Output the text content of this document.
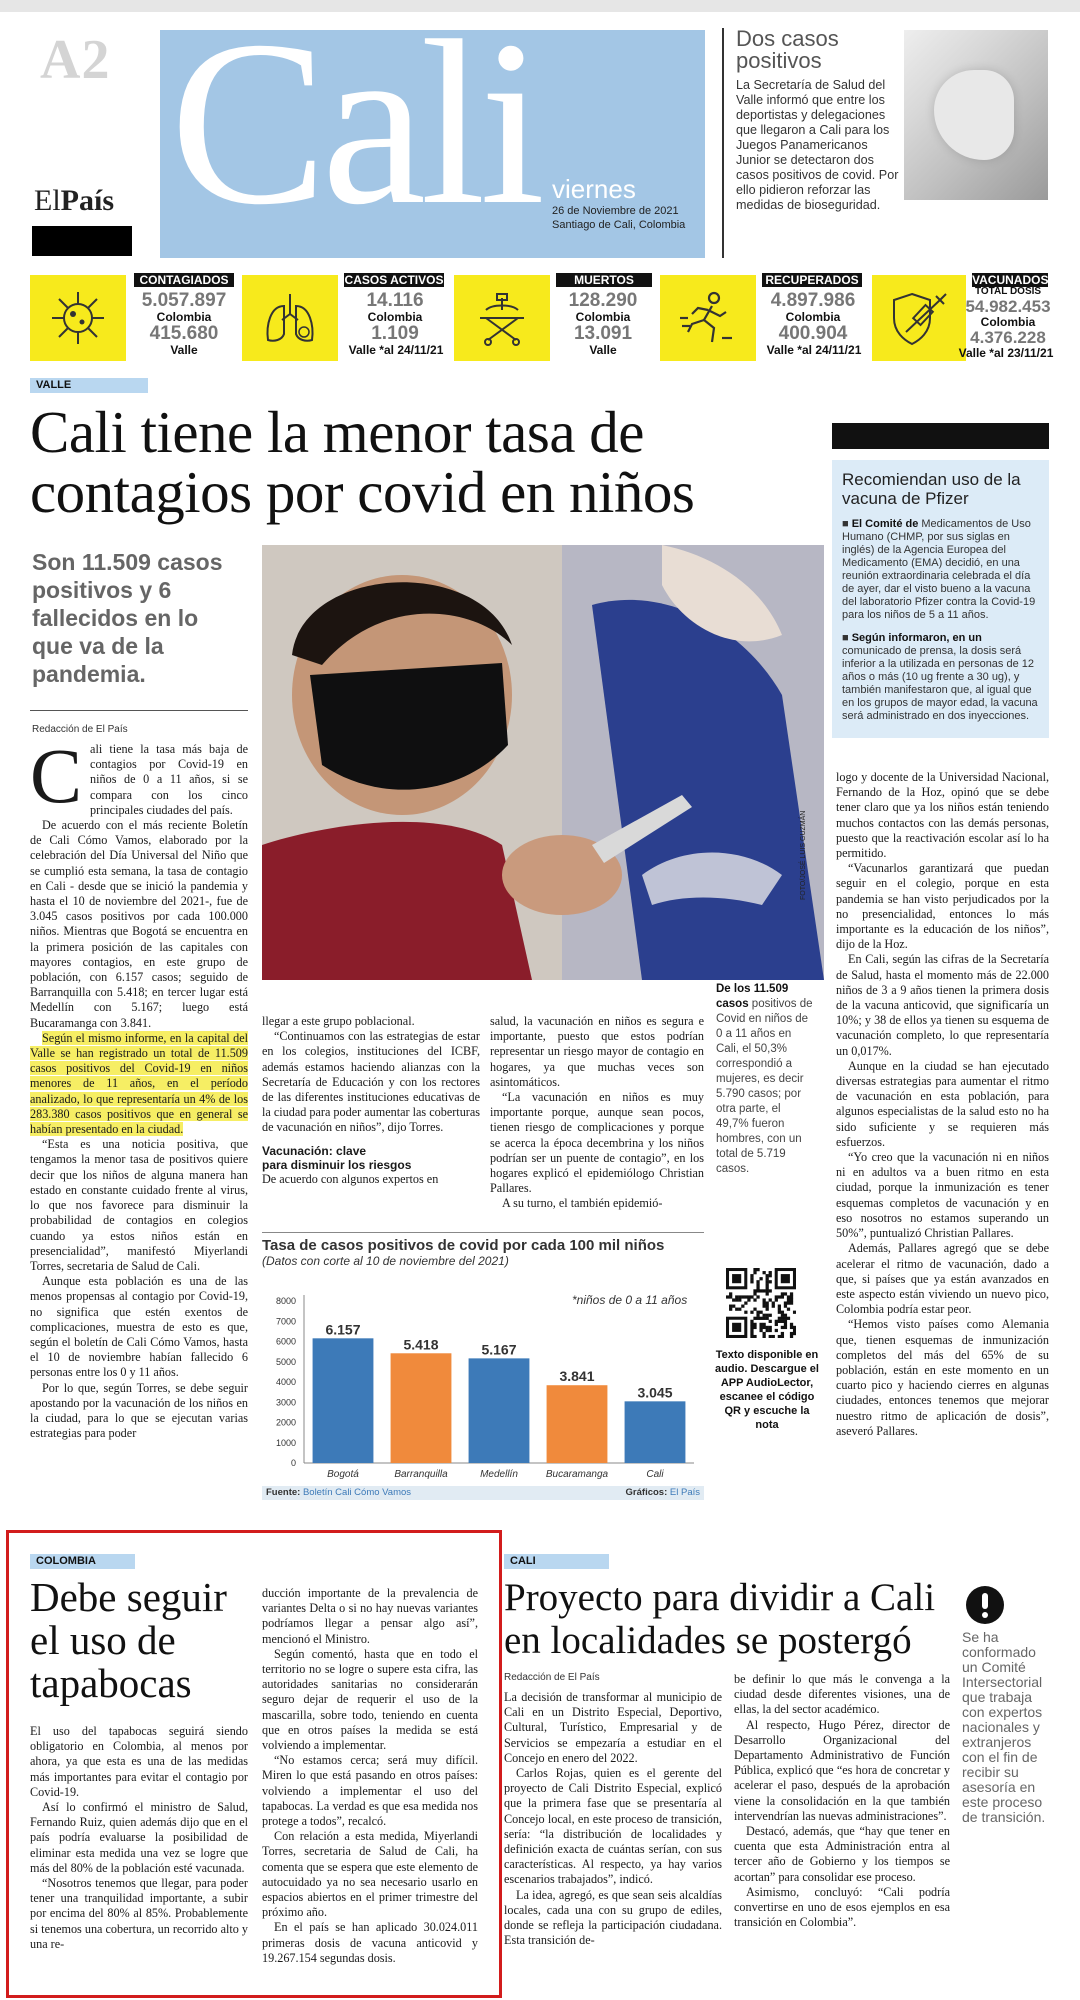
A2
ElPaís Cali viernes
26 de Noviembre de 2021
Santiago de Cali, Colombia
Dos casos positivos

La Secretaría de Salud del Valle informó que entre los deportistas y delegaciones que llegaron a Cali para los Juegos Panamericanos Junior se detectaron dos casos positivos de covid. Por ello pidieron reforzar las medidas de bioseguridad.

CONTAGIADOS
5.057.897
Colombia
415.680
Valle
CASOS ACTIVOS
14.116
Colombia
1.109
Valle *al 24/11/21
MUERTOS
128.290
Colombia
13.091
Valle
RECUPERADOS
4.897.986
Colombia
400.904
Valle *al 24/11/21
VACUNADOS
TOTAL DOSIS
54.982.453
Colombia
4.376.228
Valle *al 23/11/21
VALLE
Cali tiene la menor tasa de
contagios por covid en niños
Son 11.509 casos positivos y 6 fallecidos en lo que va de la pandemia.
Redacción de El País

Cali tiene la tasa más baja de contagios por Covid-19 en niños de 0 a 11 años, si se compara con los cinco principales ciudades del país.

De acuerdo con el más reciente Boletín de Cali Cómo Vamos, elaborado por la celebración del Día Universal del Niño que se cumplió esta semana, la tasa de contagio en Cali - desde que se inició la pandemia y hasta el 10 de noviembre del 2021-, fue de 3.045 casos positivos por cada 100.000 niños. Mientras que Bogotá se encuentra en la primera posición de las capitales con mayores contagios, en este grupo de población, con 6.157 casos; seguido de Barranquilla con 5.418; en tercer lugar está Medellín con 5.167; luego está Bucaramanga con 3.841.

Según el mismo informe, en la capital del Valle se han registrado un total de 11.509 casos positivos del Covid-19 en niños menores de 11 años, en el período analizado, lo que representaría un 4% de los 283.380 casos positivos que en general se habían presentado en la ciudad.

“Esta es una noticia positiva, que tengamos la menor tasa de positivos quiere decir que los niños de alguna manera han estado en constante cuidado frente al virus, lo que nos favorece para disminuir la probabilidad de contagios en colegios cuando ya estos niños están en presencialidad”, manifestó Miyerlandi Torres, secretaria de Salud de Cali.

Aunque esta población es una de las menos propensas al contagio por Covid-19, no significa que estén exentos de complicaciones, muestra de esto es que, según el boletín de Cali Cómo Vamos, hasta el 10 de noviembre habían fallecido 6 personas entre los 0 y 11 años.

Por lo que, según Torres, se debe seguir apostando por la vacunación de los niños en la ciudad, para lo que se ejecutan varias estrategias para poder

FOTO/JOSÉ LUIS GUZMÁN
Recomiendan uso de la vacuna de Pfizer

■ El Comité de Medicamentos de Uso Humano (CHMP, por sus siglas en inglés) de la Agencia Europea del Medicamento (EMA) decidió, en una reunión extraordinaria celebrada el día de ayer, dar el visto bueno a la vacuna del laboratorio Pfizer contra la Covid-19 para los niños de 5 a 11 años.

■ Según informaron, en un comunicado de prensa, la dosis será inferior a la utilizada en personas de 12 años o más (10 ug frente a 30 ug), y también manifestaron que, al igual que en los grupos de mayor edad, la vacuna será administrado en dos inyecciones.

De los 11.509 casos positivos de Covid en niños de 0 a 11 años en Cali, el 50,3% correspondió a mujeres, es decir 5.790 casos; por otra parte, el 49,7% fueron hombres, con un total de 5.719 casos.

llegar a este grupo poblacional.

“Continuamos con las estrategias de estar en los colegios, instituciones del ICBF, además estamos haciendo alianzas con la Secretaría de Educación y con los rectores de las diferentes instituciones educativas de la ciudad para poder aumentar las coberturas de vacunación en niños”, dijo Torres.

Vacunación: clave
para disminuir los riesgos

De acuerdo con algunos expertos en

salud, la vacunación en niños es segura e importante, puesto que estos podrían representar un riesgo mayor de contagio en hogares, ya que muchas veces son asintomáticos.

“La vacunación en niños es muy importante porque, aunque sean pocos, tienen riesgo de complicaciones y porque se acerca la época decembrina y los niños podrían ser un puente de contagio”, en los hogares explicó el epidemiólogo Christian Pallares.

A su turno, el también epidemió-

logo y docente de la Universidad Nacional, Fernando de la Hoz, opinó que se debe tener claro que ya los niños están teniendo muchos contactos con las demás personas, puesto que la reactivación escolar así lo ha permitido.

“Vacunarlos garantizará que puedan seguir en el colegio, porque en esta pandemia se han visto perjudicados por la no presencialidad, entonces lo más importante es la educación de los niños”, dijo de la Hoz.

En Cali, según las cifras de la Secretaría de Salud, hasta el momento más de 22.000 niños de 3 a 9 años tienen la primera dosis de la vacuna anticovid, que significaría un 10%; y 38 de ellos ya tienen su esquema de vacunación completo, lo que representaría un 0,017%.

Aunque en la ciudad se han ejecutado diversas estrategias para aumentar el ritmo de vacunación en esta población, para algunos especialistas de la salud esto no ha sido suficiente y se requieren más esfuerzos.

“Yo creo que la vacunación ni en niños ni en adultos va a buen ritmo en esta ciudad, porque la inmunización es tener esquemas completos de vacunación y en eso nosotros no estamos superando un 50%”, puntualizó Christian Pallares.

Además, Pallares agregó que se debe acelerar el ritmo de vacunación, dado a que, si países que ya están avanzados en este aspecto están viviendo un nuevo pico, Colombia podría estar peor.

“Hemos visto países como Alemania que, tienen esquemas de inmunización completos del más del 65% de su población, están en este momento en un cuarto pico y haciendo cierres en algunas ciudades, entonces tenemos que mejorar nuestro ritmo de aplicación de dosis”, aseveró Pallares.

Tasa de casos positivos de covid por cada 100 mil niños
(Datos con corte al 10 de noviembre del 2021)
*niños de 0 a 11 años
0
1000
2000
3000
4000
5000
6000
7000
8000
6.157
Bogotá
5.418
Barranquilla
5.167
Medellín
3.841
Bucaramanga
3.045
Cali
Fuente: Boletín Cali Cómo Vamos	Gráficos: El País
Texto disponible en audio. Descargue el APP AudioLector, escanee el código QR y escuche la nota
COLOMBIA
Debe seguir
el uso de
tapabocas

El uso del tapabocas seguirá siendo obligatorio en Colombia, al menos por ahora, ya que esta es una de las medidas más importantes para evitar el contagio por Covid-19.

Así lo confirmó el ministro de Salud, Fernando Ruiz, quien además dijo que en el país podría evaluarse la posibilidad de eliminar esta medida una vez se logre que más del 80% de la población esté vacunada.

“Nosotros tenemos que llegar, para poder tener una tranquilidad importante, a subir por encima del 80% al 85%. Probablemente si tenemos una cobertura, un recorrido alto y una re-

ducción importante de la prevalencia de variantes Delta o si no hay nuevas variantes podríamos llegar a pensar algo así”, mencionó el Ministro.

Según comentó, hasta que en todo el territorio no se logre o supere esta cifra, las autoridades sanitarias no considerarán seguro dejar de requerir el uso de la mascarilla, sobre todo, teniendo en cuenta que en otros países la medida se está volviendo a implementar.

“No estamos cerca; será muy difícil. Miren lo que está pasando en otros países: volviendo a implementar el uso del tapabocas. La verdad es que esa medida nos protege a todos”, recalcó.

Con relación a esta medida, Miyerlandi Torres, secretaria de Salud de Cali, ha comenta que se espera que este elemento de autocuidado ya no sea necesario usarlo en espacios abiertos en el primer trimestre del próximo año.

En el país se han aplicado 30.024.011 primeras dosis de vacuna anticovid y 19.267.154 segundas dosis.

CALI
Proyecto para dividir a Cali
en localidades se postergó
Redacción de El País

La decisión de transformar al municipio de Cali en un Distrito Especial, Deportivo, Cultural, Turístico, Empresarial y de Servicios se empezaría a estudiar en el Concejo en enero del 2022.

Carlos Rojas, quien es el gerente del proyecto de Cali Distrito Especial, explicó que la primera fase que se presentaría al Concejo local, en este proceso de transición, sería: “la distribución de localidades y definición exacta de cuántas serían, con sus características. Al respecto, ya hay varios escenarios trabajados”, indicó.

La idea, agregó, es que sean seis alcaldías locales, cada una con su grupo de ediles, donde se refleja la participación ciudadana. Esta transición de-

be definir lo que más le convenga a la ciudad desde diferentes visiones, una de ellas, la del sector académico.

Al respecto, Hugo Pérez, director de Desarrollo Organizacional del Departamento Administrativo de Función Pública, explicó que “es hora de concretar y acelerar el paso, después de la aprobación viene la consolidación en la que también intervendrían las nuevas administraciones”.

Destacó, además, que “hay que tener en cuenta que esta Administración entra al tercer año de Gobierno y los tiempos se acortan” para consolidar ese proceso.

Asimismo, concluyó: “Cali podría convertirse en uno de esos ejemplos en esa transición en Colombia”.

Se ha conformado un Comité Intersectorial que trabaja con expertos nacionales y extranjeros con el fin de recibir su asesoría en este proceso de transición.
